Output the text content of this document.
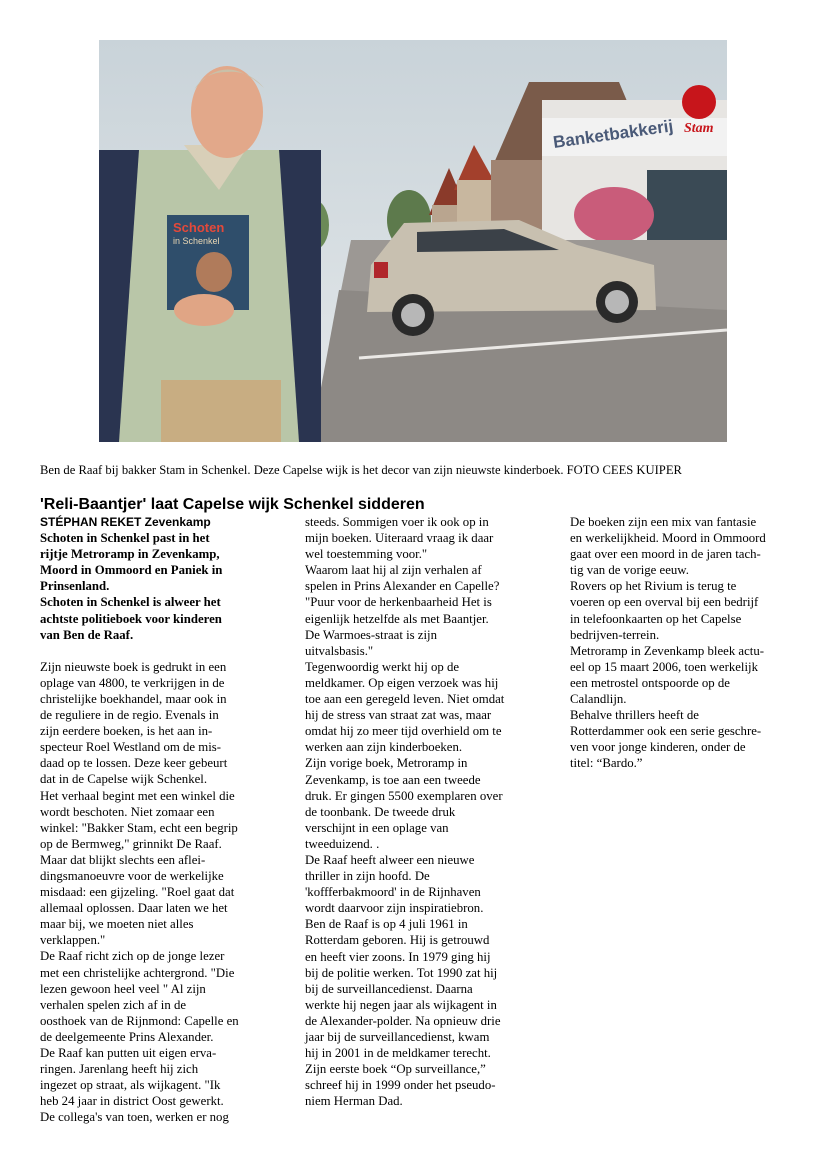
Banketbakkerij Stam
Schoten
in Schenkel
Ben de Raaf bij bakker Stam in Schenkel. Deze Capelse wijk is het decor van zijn nieuwste kinderboek. FOTO CEES KUIPER
'Reli-Baantjer' laat Capelse wijk Schenkel sidderen

STÉPHAN REKET Zevenkamp

Schoten in Schenkel past in het

rijtje Metroramp in Zevenkamp,

Moord in Ommoord en Paniek in

Prinsenland.

Schoten in Schenkel is alweer het

achtste politieboek voor kinderen

van Ben de Raaf.

Zijn nieuwste boek is gedrukt in een

oplage van 4800, te verkrijgen in de

christelijke boekhandel, maar ook in

de reguliere in de regio. Evenals in

zijn eerdere boeken, is het aan in-

specteur Roel Westland om de mis-

daad op te lossen. Deze keer gebeurt

dat in de Capelse wijk Schenkel.

Het verhaal begint met een winkel die

wordt beschoten. Niet zomaar een

winkel: "Bakker Stam, echt een begrip

op de Bermweg," grinnikt De Raaf.

Maar dat blijkt slechts een aflei-

dingsmanoeuvre voor de werkelijke

misdaad: een gijzeling. "Roel gaat dat

allemaal oplossen. Daar laten we het

maar bij, we moeten niet alles

verklappen."

De Raaf richt zich op de jonge lezer

met een christelijke achtergrond. "Die

lezen gewoon heel veel " Al zijn

verhalen spelen zich af in de

oosthoek van de Rijnmond: Capelle en

de deelgemeente Prins Alexander.

De Raaf kan putten uit eigen erva-

ringen. Jarenlang heeft hij zich

ingezet op straat, als wijkagent. "Ik

heb 24 jaar in district Oost gewerkt.

De collega's van toen, werken er nog

steeds. Sommigen voer ik ook op in

mijn boeken. Uiteraard vraag ik daar

wel toestemming voor."

Waarom laat hij al zijn verhalen af

spelen in Prins Alexander en Capelle?

"Puur voor de herkenbaarheid Het is

eigenlijk hetzelfde als met Baantjer.

De Warmoes-straat is zijn

uitvalsbasis."

Tegenwoordig werkt hij op de

meldkamer. Op eigen verzoek was hij

toe aan een geregeld leven. Niet omdat

hij de stress van straat zat was, maar

omdat hij zo meer tijd overhield om te

werken aan zijn kinderboeken.

Zijn vorige boek, Metroramp in

Zevenkamp, is toe aan een tweede

druk. Er gingen 5500 exemplaren over

de toonbank. De tweede druk

verschijnt in een oplage van

tweeduizend. .

De Raaf heeft alweer een nieuwe

thriller in zijn hoofd. De

'koffferbakmoord' in de Rijnhaven

wordt daarvoor zijn inspiratiebron.

Ben de Raaf is op 4 juli 1961 in

Rotterdam geboren. Hij is getrouwd

en heeft vier zoons. In 1979 ging hij

bij de politie werken. Tot 1990 zat hij

bij de surveillancedienst. Daarna

werkte hij negen jaar als wijkagent in

de Alexander-polder. Na opnieuw drie

jaar bij de surveillancedienst, kwam

hij in 2001 in de meldkamer terecht.

Zijn eerste boek “Op surveillance,”

schreef hij in 1999 onder het pseudo-

niem Herman Dad.

De boeken zijn een mix van fantasie

en werkelijkheid. Moord in Ommoord

gaat over een moord in de jaren tach-

tig van de vorige eeuw.

Rovers op het Rivium is terug te

voeren op een overval bij een bedrijf

in telefoonkaarten op het Capelse

bedrijven-terrein.

Metroramp in Zevenkamp bleek actu-

eel op 15 maart 2006, toen werkelijk

een metrostel ontspoorde op de

Calandlijn.

Behalve thrillers heeft de

Rotterdammer ook een serie geschre-

ven voor jonge kinderen, onder de

titel: “Bardo.”
